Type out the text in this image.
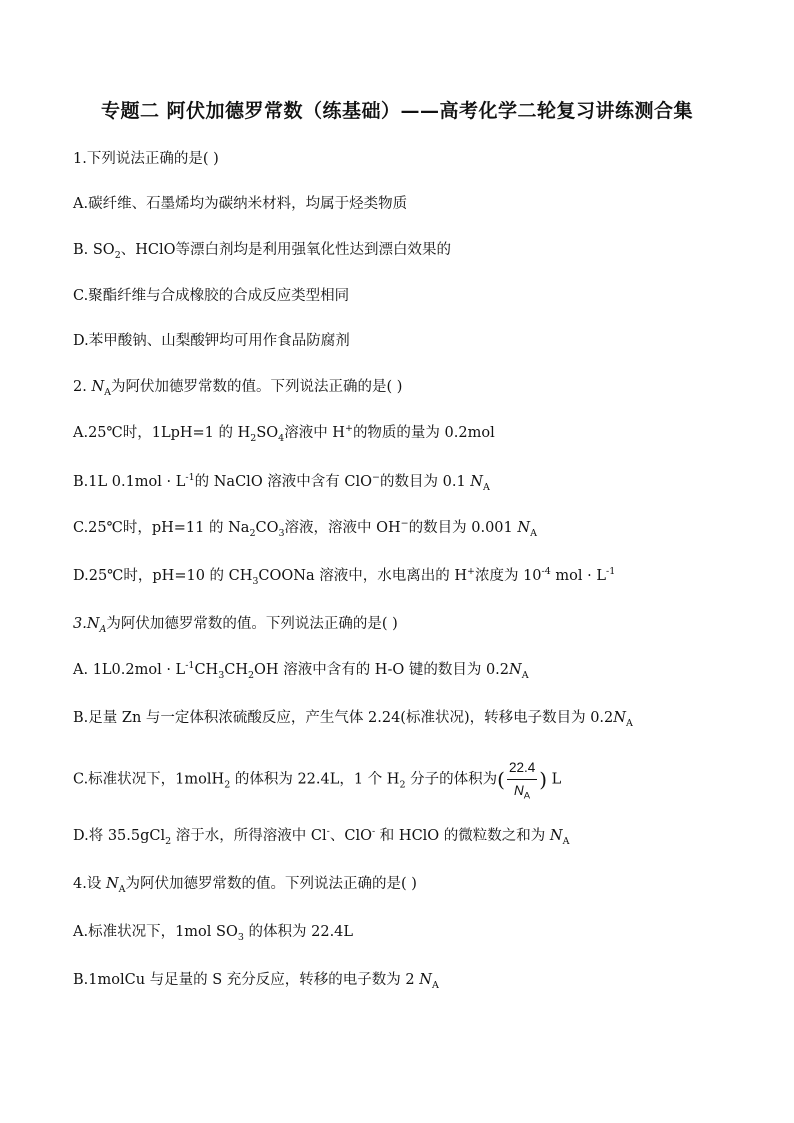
专题二 阿伏加德罗常数（练基础）——高考化学二轮复习讲练测合集
1.下列说法正确的是( )
A.碳纤维、石墨烯均为碳纳米材料，均属于烃类物质
B. $SO_2$、HClO等漂白剂均是利用强氧化性达到漂白效果的
C.聚酯纤维与合成橡胶的合成反应类型相同
D.苯甲酸钠、山梨酸钾均可用作食品防腐剂
2. $N_A$为阿伏加德罗常数的值。下列说法正确的是( )
A.25℃时，1LpH=1 的 $H_2SO_4$溶液中 H+的物质的量为 0.2mol
B.1L $0.1mol \cdot L^{-1}$的 NaClO 溶液中含有 ClO−的数目为 0.1 $N_A$
C.25℃时，pH=11 的 $Na_2CO_3$溶液，溶液中 OH−的数目为 0.001 $N_A$
D.25℃时，pH=10 的 $CH_3COONa$ 溶液中，水电离出的 H+浓度为 $10^{-4}$ mol · $L^{-1}$
$3.N_A$为阿伏加德罗常数的值。下列说法正确的是( )
A. $1L0.2mol \cdot L^{-1}CH_3CH_2OH$ 溶液中含有的 H-O 键的数目为 $0.2N_A$
B.足量 Zn 与一定体积浓硫酸反应，产生气体 2.24(标准状况)，转移电子数目为 $0.2N_A$
C.标准状况下，1molH$_2$ 的体积为 22.4L，1 个 $H_2$ 分子的体积为( $\frac{22.4}{N_A}$ ) L
D.将 35.5gCl$_2$ 溶于水，所得溶液中 Cl-、ClO- 和 HClO 的微粒数之和为 $N_A$
4.设 $N_A$为阿伏加德罗常数的值。下列说法正确的是( )
A.标准状况下，1mol $SO_3$ 的体积为 22.4L
B.1molCu 与足量的 S 充分反应，转移的电子数为 2 $N_A$
